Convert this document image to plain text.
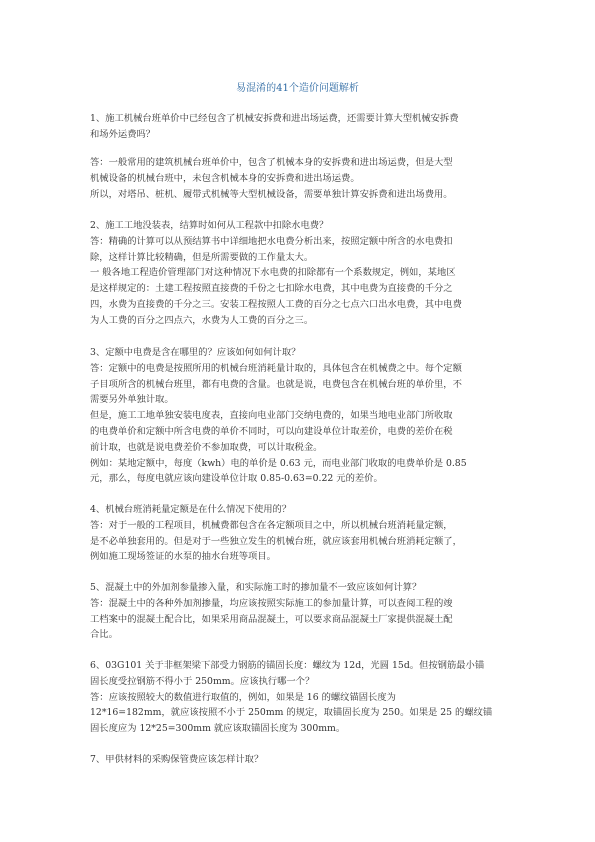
易混淆的41个造价问题解析
1、施工机械台班单价中已经包含了机械安拆费和进出场运费，还需要计算大型机械安拆费
和场外运费吗？
答：一般常用的建筑机械台班单价中，包含了机械本身的安拆费和进出场运费，但是大型
机械设备的机械台班中，未包含机械本身的安拆费和进出场运费。
所以，对塔吊、桩机、履带式机械等大型机械设备，需要单独计算安拆费和进出场费用。
2、施工工地没装表，结算时如何从工程款中扣除水电费？
答：精确的计算可以从预结算书中详细地把水电费分析出来，按照定额中所含的水电费扣
除，这样计算比较精确，但是所需要做的工作量太大。
一 般各地工程造价管理部门对这种情况下水电费的扣除都有一个系数规定，例如，某地区
是这样规定的：土建工程按照直接费的千份之七扣除水电费，其中电费为直接费的千分之
四，水费为直接费的千分之三。安装工程按照人工费的百分之七点六口出水电费，其中电费
为人工费的百分之四点六，水费为人工费的百分之三。
3、定额中电费是含在哪里的？应该如何如何计取？
答：定额中的电费是按照所用的机械台班消耗量计取的，具体包含在机械费之中。每个定额
子目项所含的机械台班里，都有电费的含量。也就是说，电费包含在机械台班的单价里，不
需要另外单独计取。
但是，施工工地单独安装电度表，直接向电业部门交纳电费的，如果当地电业部门所收取
的电费单价和定额中所含电费的单价不同时，可以向建设单位计取差价，电费的差价在税
前计取，也就是说电费差价不参加取费，可以计取税金。
例如：某地定额中，每度（kwh）电的单价是 0.63 元，而电业部门收取的电费单价是 0.85
元，那么，每度电就应该向建设单位计取 0.85-0.63=0.22 元的差价。
4、机械台班消耗量定额是在什么情况下使用的？
答：对于一般的工程项目，机械费都包含在各定额项目之中，所以机械台班消耗量定额，
是不必单独套用的。但是对于一些独立发生的机械台班，就应该套用机械台班消耗定额了，
例如施工现场签证的水泵的抽水台班等项目。
5、混凝土中的外加剂参量掺入量，和实际施工时的掺加量不一致应该如何计算？
答：混凝土中的各种外加剂掺量，均应该按照实际施工的参加量计算，可以查阅工程的竣
工档案中的混凝土配合比，如果采用商品混凝土，可以要求商品混凝土厂家提供混凝土配
合比。
6、03G101 关于非框架梁下部受力钢筋的锚固长度：螺纹为 12d，光圆 15d。但按钢筋最小锚
固长度受拉钢筋不得小于 250mm。应该执行哪一个？
答：应该按照较大的数值进行取值的，例如，如果是 16 的螺纹锚固长度为
12*16=182mm，就应该按照不小于 250mm 的规定，取锚固长度为 250。如果是 25 的螺纹锚
固长度应为 12*25=300mm 就应该取锚固长度为 300mm。
7、甲供材料的采购保管费应该怎样计取？
